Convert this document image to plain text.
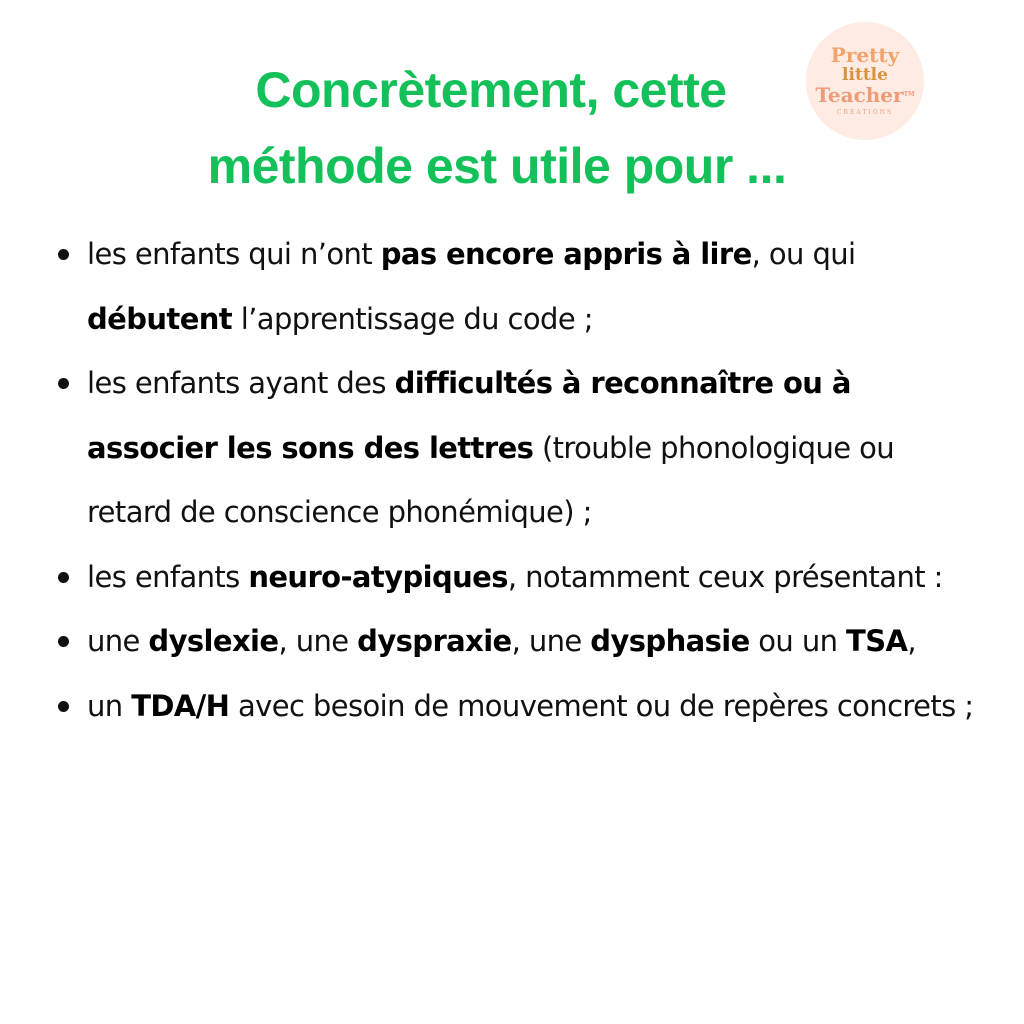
Concrètement, cette
méthode est utile pour ...
Pretty
little
Teacher™
CREATIONS
les enfants qui n’ont pas encore appris à lire, ou qui débutent l’apprentissage du code ;
les enfants ayant des difficultés à reconnaître ou à associer les sons des lettres (trouble phonologique ou retard de conscience phonémique) ;
les enfants neuro-atypiques, notamment ceux présentant :
une dyslexie, une dyspraxie, une dysphasie ou un TSA,
un TDA/H avec besoin de mouvement ou de repères concrets ;
